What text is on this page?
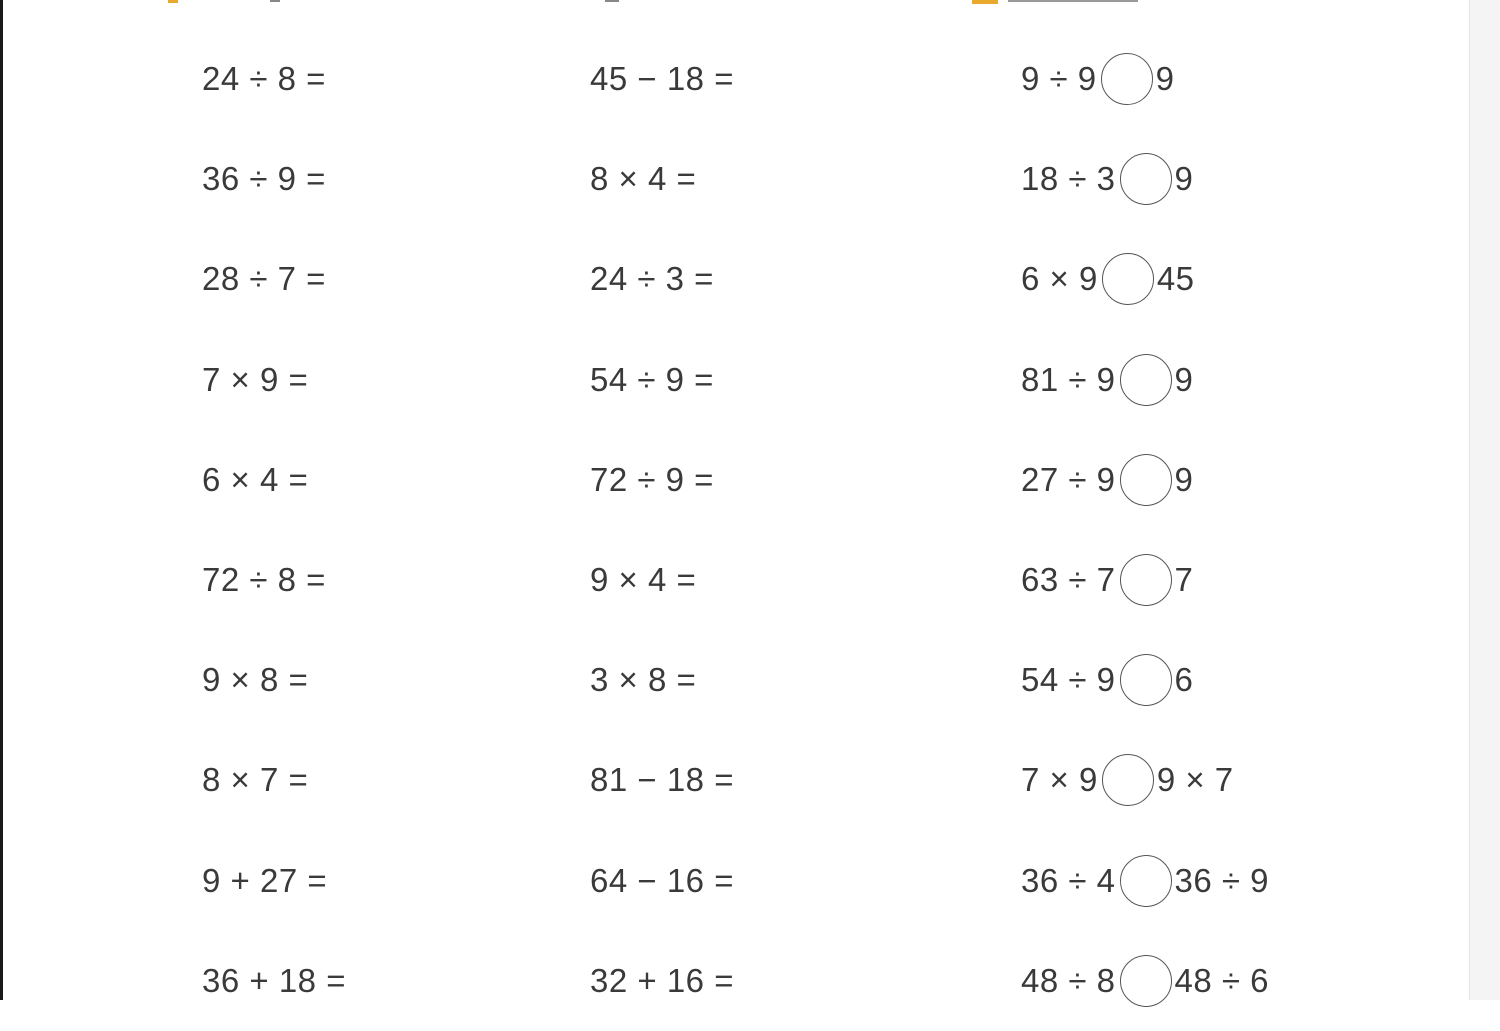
24 ÷ 8 =	45 − 18 =	9 ÷ 9 9
36 ÷ 9 =	8 × 4 =	18 ÷ 3 9
28 ÷ 7 =	24 ÷ 3 =	6 × 9 45
7 × 9 =	54 ÷ 9 =	81 ÷ 9 9
6 × 4 =	72 ÷ 9 =	27 ÷ 9 9
72 ÷ 8 =	9 × 4 =	63 ÷ 7 7
9 × 8 =	3 × 8 =	54 ÷ 9 6
8 × 7 =	81 − 18 =	7 × 9 9 × 7
9 + 27 =	64 − 16 =	36 ÷ 4 36 ÷ 9
36 + 18 =	32 + 16 =	48 ÷ 8 48 ÷ 6
